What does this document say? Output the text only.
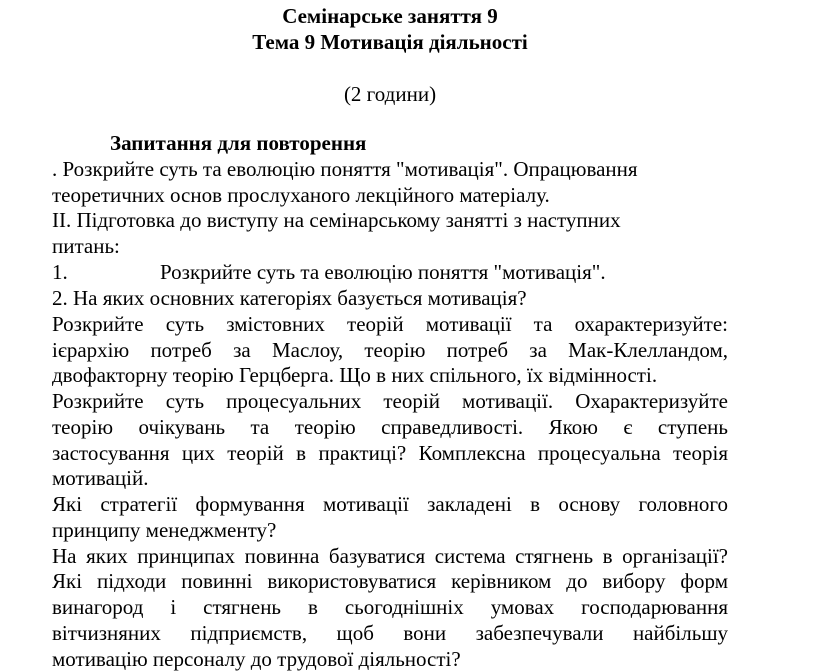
Семінарське заняття 9
Тема 9 Мотивація діяльності
(2 години)
Запитання для повторення
. Розкрийте суть та еволюцію поняття "мотивація". Опрацювання
теоретичних основ прослуханого лекційного матеріалу.
II. Підготовка до виступу на семінарському занятті з наступних
питань:
1.	Розкрийте суть та еволюцію поняття "мотивація".
2. На яких основних категоріях базується мотивація?
Розкрийте суть змістовних теорій мотивації та охарактеризуйте:
ієрархію потреб за Маслоу, теорію потреб за Мак-Клелландом,
двофакторну теорію Герцберга. Що в них спільного, їх відмінності.
Розкрийте суть процесуальних теорій мотивації. Охарактеризуйте
теорію очікувань та теорію справедливості. Якою є ступень
застосування цих теорій в практиці? Комплексна процесуальна теорія
мотивацій.
Які стратегії формування мотивації закладені в основу головного
принципу менеджменту?
На яких принципах повинна базуватися система стягнень в організації?
Які підходи повинні використовуватися керівником до вибору форм
винагород і стягнень в сьогоднішніх умовах господарювання
вітчизняних підприємств, щоб вони забезпечували найбільшу
мотивацію персоналу до трудової діяльності?
